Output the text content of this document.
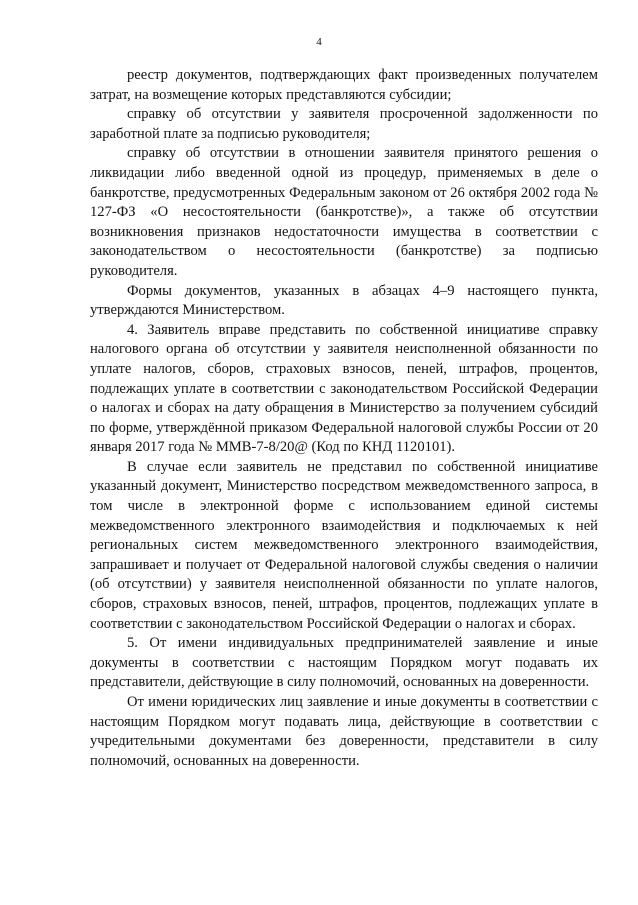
4

реестр документов, подтверждающих факт произведенных получателем затрат, на возмещение которых представляются субсидии;

справку об отсутствии у заявителя просроченной задолженности по заработной плате за подписью руководителя;

справку об отсутствии в отношении заявителя принятого решения о ликвидации либо введенной одной из процедур, применяемых в деле о банкротстве, предусмотренных Федеральным законом от 26 октября 2002 года № 127-ФЗ «О несостоятельности (банкротстве)», а также об отсутствии возникновения признаков недостаточности имущества в соответствии с законодательством о несостоятельности (банкротстве) за подписью руководителя.

Формы документов, указанных в абзацах 4–9 настоящего пункта, утверждаются Министерством.

4. Заявитель вправе представить по собственной инициативе справку налогового органа об отсутствии у заявителя неисполненной обязанности по уплате налогов, сборов, страховых взносов, пеней, штрафов, процентов, подлежащих уплате в соответствии с законодательством Российской Федерации о налогах и сборах на дату обращения в Министерство за получением субсидий по форме, утверждённой приказом Федеральной налоговой службы России от 20 января 2017 года № ММВ-7-8/20@ (Код по КНД 1120101).

В случае если заявитель не представил по собственной инициативе указанный документ, Министерство посредством межведомственного запроса, в том числе в электронной форме с использованием единой системы межведомственного электронного взаимодействия и подключаемых к ней региональных систем межведомственного электронного взаимодействия, запрашивает и получает от Федеральной налоговой службы сведения о наличии (об отсутствии) у заявителя неисполненной обязанности по уплате налогов, сборов, страховых взносов, пеней, штрафов, процентов, подлежащих уплате в соответствии с законодательством Российской Федерации о налогах и сборах.

5. От имени индивидуальных предпринимателей заявление и иные документы в соответствии с настоящим Порядком могут подавать их представители, действующие в силу полномочий, основанных на доверенности.

От имени юридических лиц заявление и иные документы в соответствии с настоящим Порядком могут подавать лица, действующие в соответствии с учредительными документами без доверенности, представители в силу полномочий, основанных на доверенности.
